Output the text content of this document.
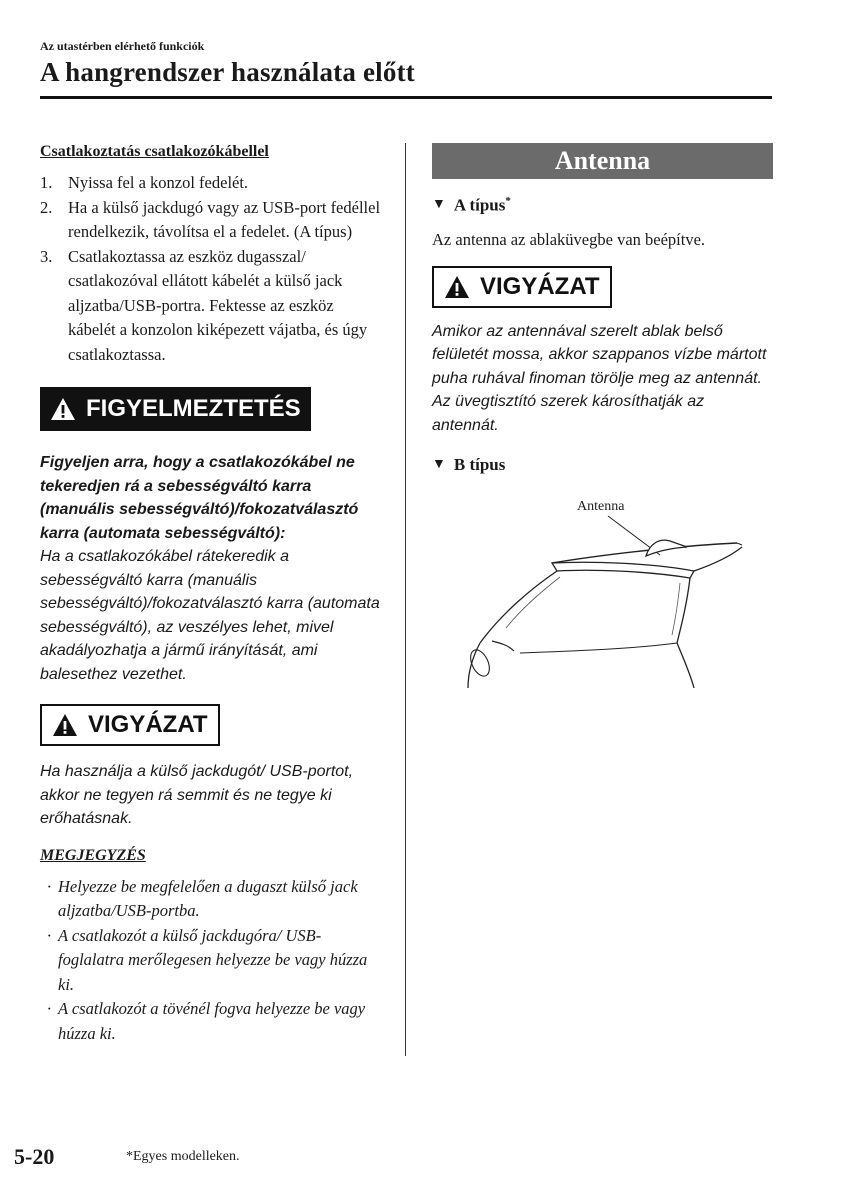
Az utastérben elérhető funkciók
A hangrendszer használata előtt
Csatlakoztatás csatlakozókábellel
1. Nyissa fel a konzol fedelét.
2. Ha a külső jackdugó vagy az USB-port fedéllel rendelkezik, távolítsa el a fedelet. (A típus)
3. Csatlakoztassa az eszköz dugasszal/ csatlakozóval ellátott kábelét a külső jack aljzatba/USB-portra. Fektesse az eszköz kábelét a konzolon kiképezett vájatba, és úgy csatlakoztassa.
FIGYELMEZTETÉS
Figyeljen arra, hogy a csatlakozókábel ne tekeredjen rá a sebességváltó karra (manuális sebességváltó)/fokozatválasztó karra (automata sebességváltó):
Ha a csatlakozókábel rátekeredik a sebességváltó karra (manuális sebességváltó)/fokozatválasztó karra (automata sebességváltó), az veszélyes lehet, mivel akadályozhatja a jármű irányítását, ami balesethez vezethet.
VIGYÁZAT
Ha használja a külső jackdugót/ USB-portot, akkor ne tegyen rá semmit és ne tegye ki erőhatásnak.
MEGJEGYZÉS
· Helyezze be megfelelően a dugaszt külső jack aljzatba/USB-portba.
· A csatlakozót a külső jackdugóra/ USB-foglalatra merőlegesen helyezze be vagy húzza ki.
· A csatlakozót a tövénél fogva helyezze be vagy húzza ki.
Antenna
▼ A típus*
Az antenna az ablaküvegbe van beépítve.
VIGYÁZAT
Amikor az antennával szerelt ablak belső felületét mossa, akkor szappanos vízbe mártott puha ruhával finoman törölje meg az antennát.
Az üvegtisztító szerek károsíthatják az antennát.
▼ B típus
Antenna
5-20	*Egyes modelleken.
